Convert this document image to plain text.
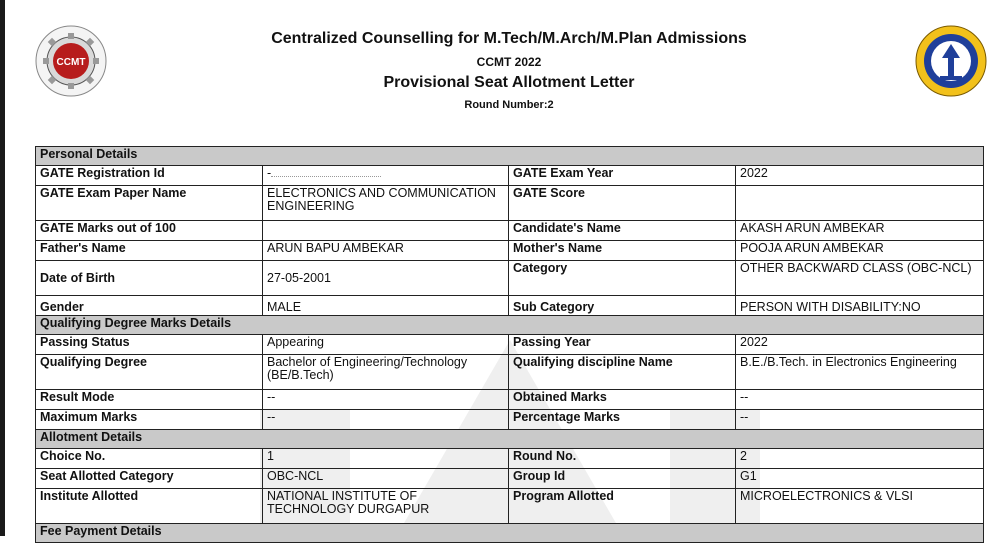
CCMT
Centralized Counselling for M.Tech/M.Arch/M.Plan Admissions
CCMT 2022
Provisional Seat Allotment Letter
Round Number:2
Personal Details			
GATE Registration Id	-	GATE Exam Year	2022
GATE Exam Paper Name	ELECTRONICS AND COMMUNICATION ENGINEERING	GATE Score	
GATE Marks out of 100		Candidate's Name	AKASH ARUN AMBEKAR
Father's Name	ARUN BAPU AMBEKAR	Mother's Name	POOJA ARUN AMBEKAR
Date of Birth	27-05-2001	Category	OTHER BACKWARD CLASS (OBC-NCL)
Gender	MALE	Sub Category	PERSON WITH DISABILITY:NO
Qualifying Degree Marks Details			
Passing Status	Appearing	Passing Year	2022
Qualifying Degree	Bachelor of Engineering/Technology (BE/B.Tech)	Qualifying discipline Name	B.E./B.Tech. in Electronics Engineering
Result Mode	--	Obtained Marks	--
Maximum Marks	--	Percentage Marks	--
Allotment Details			
Choice No.	1	Round No.	2
Seat Allotted Category	OBC-NCL	Group Id	G1
Institute Allotted	NATIONAL INSTITUTE OF TECHNOLOGY DURGAPUR	Program Allotted	MICROELECTRONICS & VLSI
Fee Payment Details			
